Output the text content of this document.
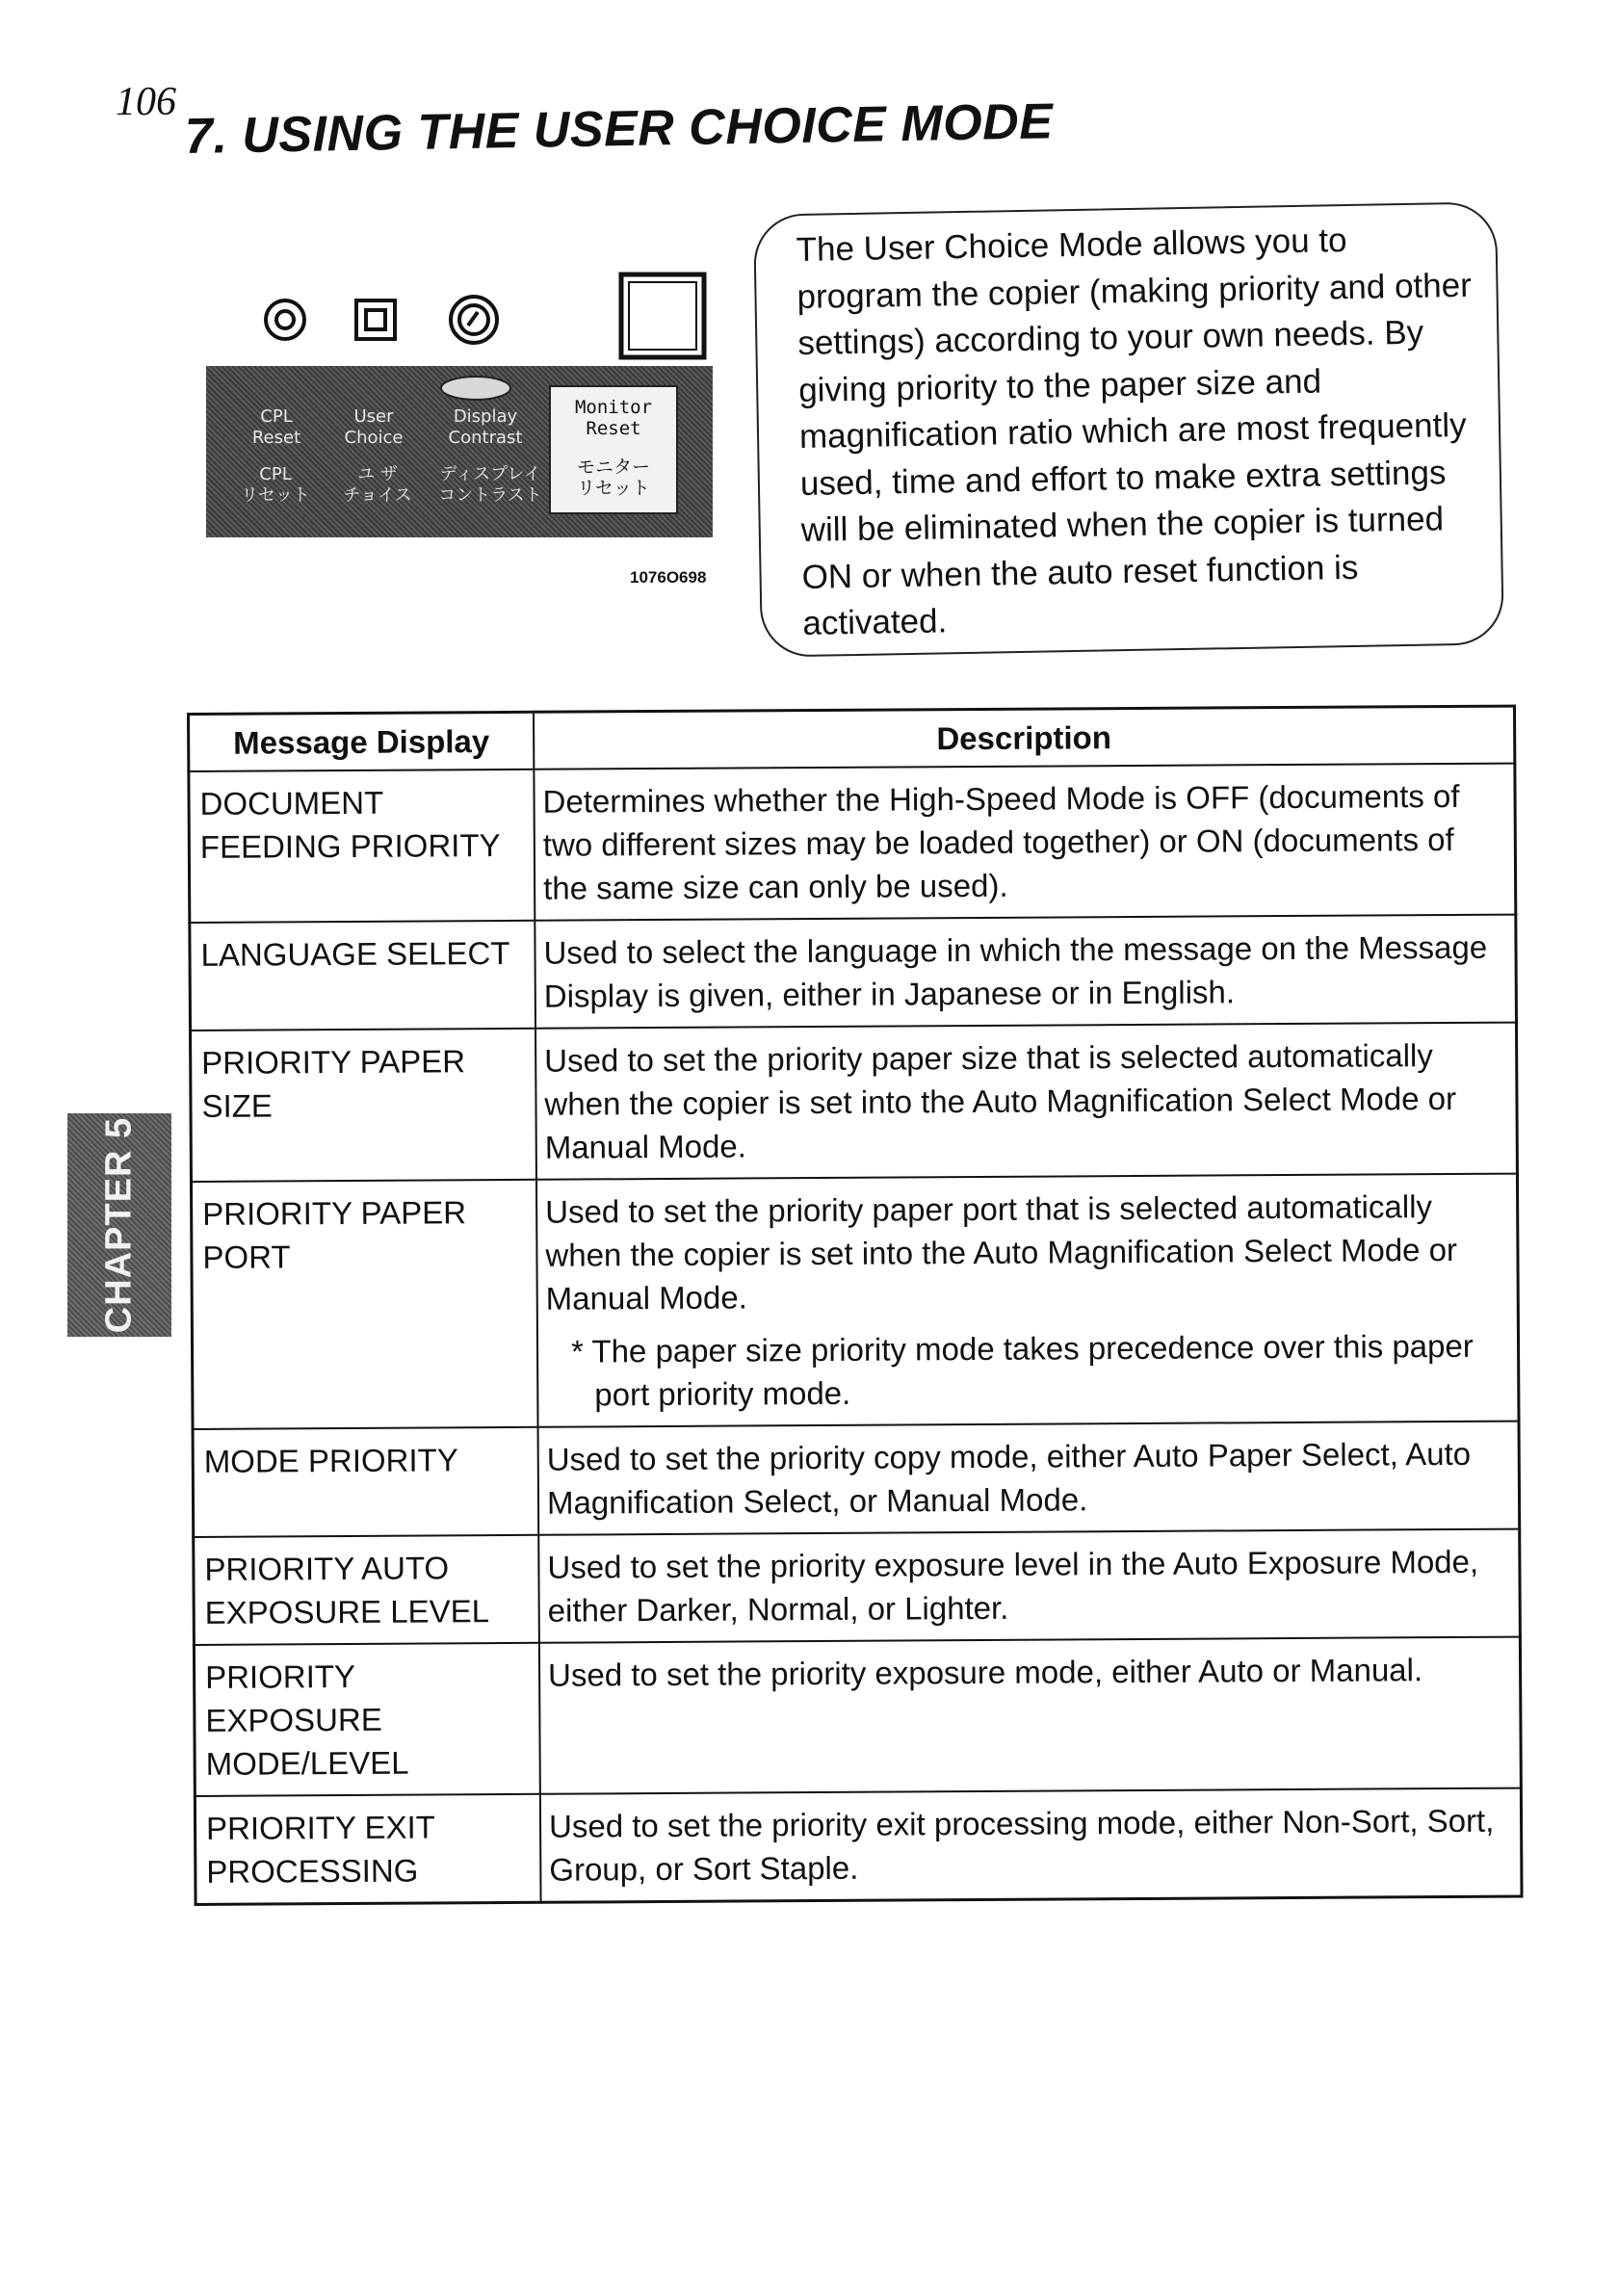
106 7. USING THE USER CHOICE MODE
CPL
Reset
User
Choice
Display
Contrast
CPL
リセット
ユ ザ
チョイス
ディスプレイ
コントラスト
Monitor
Reset
モニター
リセット
1076O698
The User Choice Mode allows you to program the copier (making priority and other settings) according to your own needs. By giving priority to the paper size and magnification ratio which are most frequently used, time and effort to make extra settings will be eliminated when the copier is turned ON or when the auto reset function is activated.
CHAPTER 5
Message Display	Description
DOCUMENT FEEDING PRIORITY	Determines whether the High-Speed Mode is OFF (documents of two different sizes may be loaded together) or ON (documents of the same size can only be used).
LANGUAGE SELECT	Used to select the language in which the message on the Message Display is given, either in Japanese or in English.
PRIORITY PAPER SIZE	Used to set the priority paper size that is selected automatically when the copier is set into the Auto Magnification Select Mode or Manual Mode.
PRIORITY PAPER PORT	Used to set the priority paper port that is selected automatically when the copier is set into the Auto Magnification Select Mode or Manual Mode.
* The paper size priority mode takes precedence over this paper port priority mode.

MODE PRIORITY	Used to set the priority copy mode, either Auto Paper Select, Auto Magnification Select, or Manual Mode.
PRIORITY AUTO EXPOSURE LEVEL	Used to set the priority exposure level in the Auto Exposure Mode, either Darker, Normal, or Lighter.
PRIORITY EXPOSURE MODE/LEVEL	Used to set the priority exposure mode, either Auto or Manual.
PRIORITY EXIT PROCESSING	Used to set the priority exit processing mode, either Non-Sort, Sort, Group, or Sort Staple.
